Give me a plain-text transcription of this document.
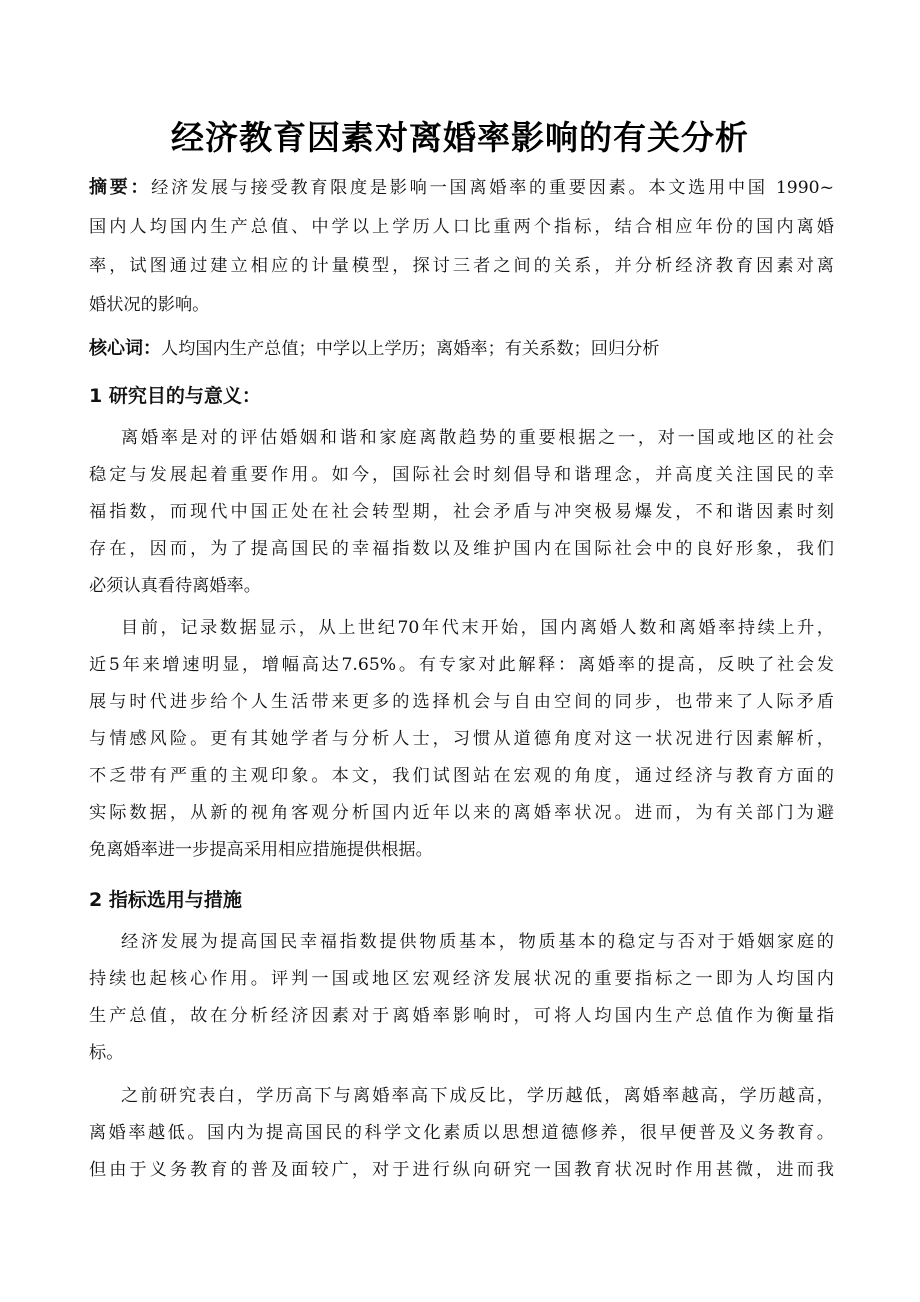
经济教育因素对离婚率影响的有关分析
摘要：经济发展与接受教育限度是影响一国离婚率的重要因素。本文选用中国 1990~
国内人均国内生产总值、中学以上学历人口比重两个指标，结合相应年份的国内离婚
率，试图通过建立相应的计量模型，探讨三者之间的关系，并分析经济教育因素对离
婚状况的影响。
核心词：人均国内生产总值；中学以上学历；离婚率；有关系数；回归分析
1 研究目的与意义：
离婚率是对的评估婚姻和谐和家庭离散趋势的重要根据之一，对一国或地区的社会
稳定与发展起着重要作用。如今，国际社会时刻倡导和谐理念，并高度关注国民的幸
福指数，而现代中国正处在社会转型期，社会矛盾与冲突极易爆发，不和谐因素时刻
存在，因而，为了提高国民的幸福指数以及维护国内在国际社会中的良好形象，我们
必须认真看待离婚率。
目前，记录数据显示，从上世纪70年代末开始，国内离婚人数和离婚率持续上升，
近5年来增速明显，增幅高达7.65%。有专家对此解释：离婚率的提高，反映了社会发
展与时代进步给个人生活带来更多的选择机会与自由空间的同步，也带来了人际矛盾
与情感风险。更有其她学者与分析人士，习惯从道德角度对这一状况进行因素解析，
不乏带有严重的主观印象。本文，我们试图站在宏观的角度，通过经济与教育方面的
实际数据，从新的视角客观分析国内近年以来的离婚率状况。进而，为有关部门为避
免离婚率进一步提高采用相应措施提供根据。
2 指标选用与措施
经济发展为提高国民幸福指数提供物质基本，物质基本的稳定与否对于婚姻家庭的
持续也起核心作用。评判一国或地区宏观经济发展状况的重要指标之一即为人均国内
生产总值，故在分析经济因素对于离婚率影响时，可将人均国内生产总值作为衡量指
标。
之前研究表白，学历高下与离婚率高下成反比，学历越低，离婚率越高，学历越高，
离婚率越低。国内为提高国民的科学文化素质以思想道德修养，很早便普及义务教育。
但由于义务教育的普及面较广，对于进行纵向研究一国教育状况时作用甚微，进而我
